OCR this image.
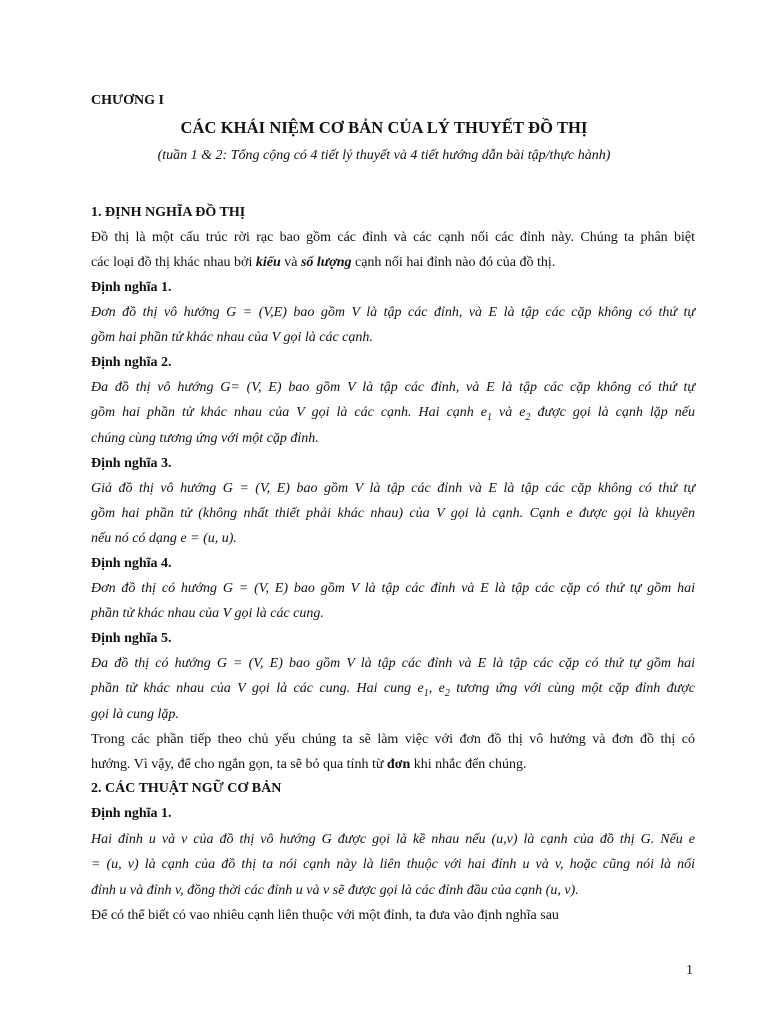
CHƯƠNG I
CÁC KHÁI NIỆM CƠ BẢN CỦA LÝ THUYẾT ĐỒ THỊ
(tuần 1 & 2: Tổng cộng có 4 tiết lý thuyết và 4 tiết hướng dẫn bài tập/thực hành)
1. ĐỊNH NGHĨA ĐỒ THỊ
Đồ thị là một cấu trúc rời rạc bao gồm các đỉnh và các cạnh nối các đỉnh này. Chúng ta phân biệt
các loại đồ thị khác nhau bởi kiểu và số lượng cạnh nối hai đỉnh nào đó của đồ thị.
Định nghĩa 1.
Đơn đồ thị vô hướng G = (V,E) bao gồm V là tập các đỉnh, và E là tập các cặp không có thứ tự
gồm hai phần tử khác nhau của V gọi là các cạnh.
Định nghĩa 2.
Đa đồ thị vô hướng G= (V, E) bao gồm V là tập các đỉnh, và E là tập các cặp không có thứ tự
gồm hai phần tử khác nhau của V gọi là các cạnh. Hai cạnh $e_1$ và $e_2$ được gọi là cạnh lặp nếu
chúng cùng tương ứng với một cặp đỉnh.
Định nghĩa 3.
Giả đồ thị vô hướng G = (V, E) bao gồm V là tập các đỉnh và E là tập các cặp không có thứ tự
gồm hai phần tử (không nhất thiết phải khác nhau) của V gọi là cạnh. Cạnh e được gọi là khuyên
nếu nó có dạng e = (u, u).
Định nghĩa 4.
Đơn đồ thị có hướng G = (V, E) bao gồm V là tập các đỉnh và E là tập các cặp có thứ tự gồm hai
phần tử khác nhau của V gọi là các cung.
Định nghĩa 5.
Đa đồ thị có hướng G = (V, E) bao gồm V là tập các đỉnh và E là tập các cặp có thứ tự gồm hai
phần tử khác nhau của V gọi là các cung. Hai cung $e_1$, $e_2$ tương ứng với cùng một cặp đỉnh được
gọi là cung lặp.
Trong các phần tiếp theo chủ yếu chúng ta sẽ làm việc với đơn đồ thị vô hướng và đơn đồ thị có
hướng. Vì vậy, để cho ngắn gọn, ta sẽ bỏ qua tính từ đơn khi nhắc đến chúng.
2. CÁC THUẬT NGỮ CƠ BẢN
Định nghĩa 1.
Hai đỉnh u và v của đồ thị vô hướng G được gọi là kề nhau nếu (u,v) là cạnh của đồ thị G. Nếu e
= (u, v) là cạnh của đồ thị ta nói cạnh này là liên thuộc với hai đỉnh u và v, hoặc cũng nói là nối
đỉnh u và đỉnh v, đồng thời các đỉnh u và v sẽ được gọi là các đỉnh đầu của cạnh (u, v).
Để có thể biết có vao nhiêu cạnh liên thuộc với một đỉnh, ta đưa vào định nghĩa sau
1
